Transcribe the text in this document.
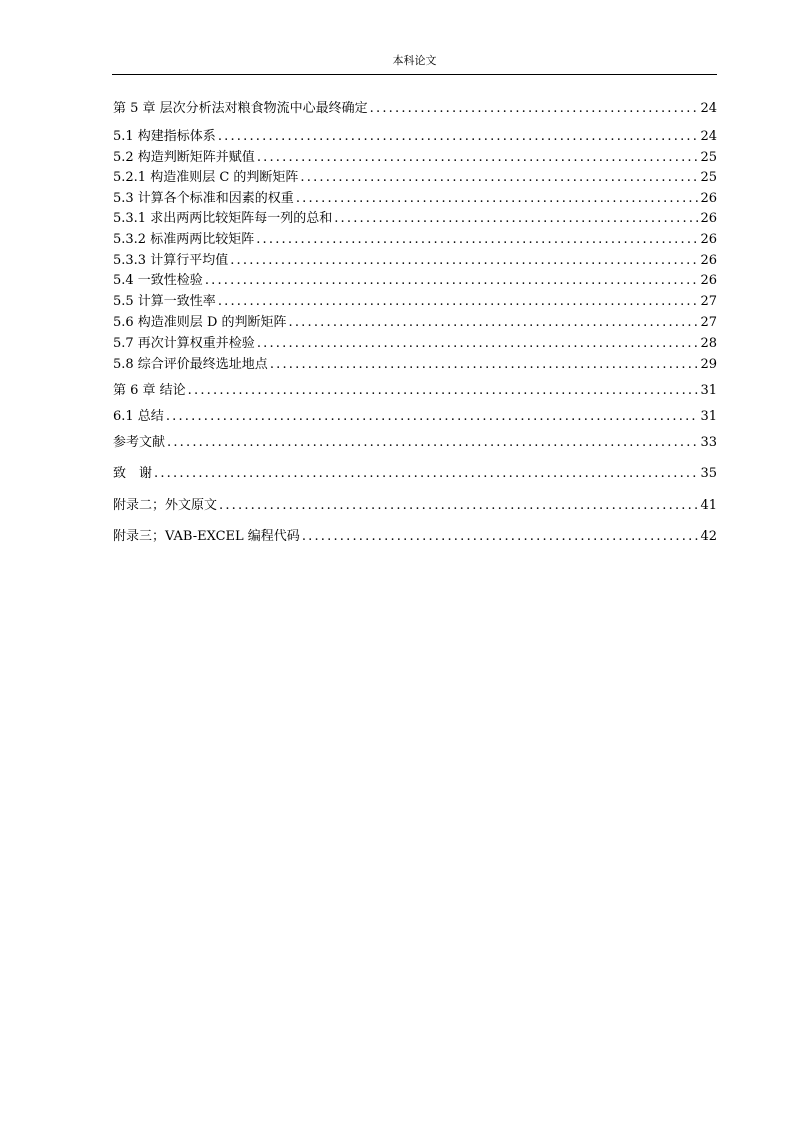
本科论文
第 5 章 层次分析法对粮食物流中心最终确定 .....	24
5.1 构建指标体系 .....	24
5.2 构造判断矩阵并赋值 .....	25
5.2.1 构造准则层 C 的判断矩阵 .....	25
5.3 计算各个标准和因素的权重 .....	26
5.3.1 求出两两比较矩阵每一列的总和 .....	26
5.3.2 标准两两比较矩阵 .....	26
5.3.3 计算行平均值 .....	26
5.4 一致性检验 .....	26
5.5 计算一致性率 .....	27
5.6 构造准则层 D 的判断矩阵 .....	27
5.7 再次计算权重并检验 .....	28
5.8 综合评价最终选址地点 .....	29
第 6 章 结论 .....	31
6.1 总结 .....	31
参考文献 .....	33
致　谢 .....	35
附录二；外文原文 .....	41
附录三；VAB-EXCEL 编程代码 .....	42
